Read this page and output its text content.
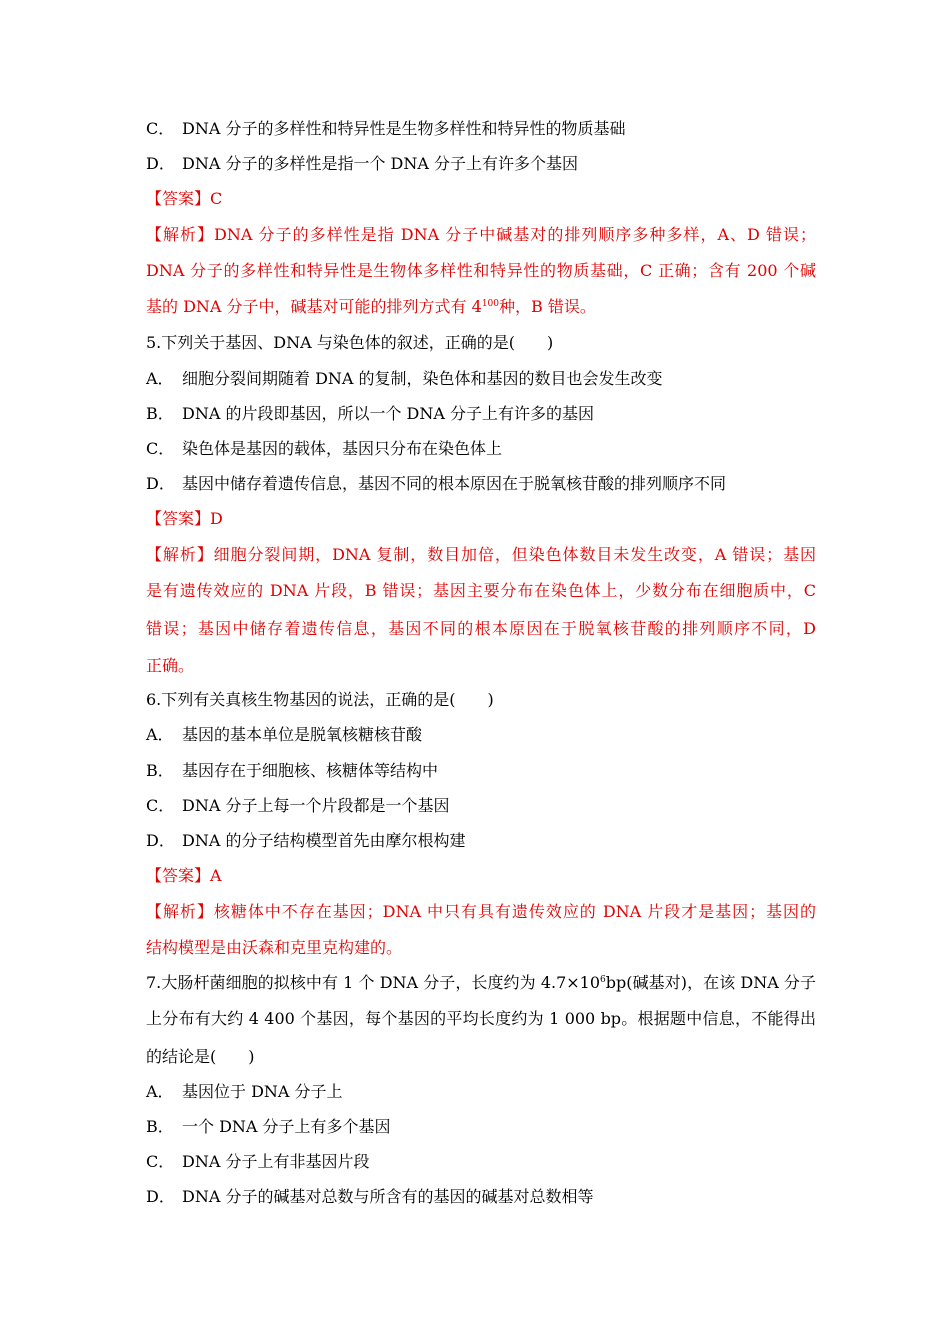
C． DNA 分子的多样性和特异性是生物多样性和特异性的物质基础
D． DNA 分子的多样性是指一个 DNA 分子上有许多个基因
【答案】C
【解析】DNA 分子的多样性是指 DNA 分子中碱基对的排列顺序多种多样，A、D 错误；
DNA 分子的多样性和特异性是生物体多样性和特异性的物质基础，C 正确；含有 200 个碱
基的 DNA 分子中，碱基对可能的排列方式有 $4^{100}$种，B 错误。
5.下列关于基因、DNA 与染色体的叙述，正确的是(　　)
A． 细胞分裂间期随着 DNA 的复制，染色体和基因的数目也会发生改变
B． DNA 的片段即基因，所以一个 DNA 分子上有许多的基因
C． 染色体是基因的载体，基因只分布在染色体上
D． 基因中储存着遗传信息，基因不同的根本原因在于脱氧核苷酸的排列顺序不同
【答案】D
【解析】细胞分裂间期，DNA 复制，数目加倍，但染色体数目未发生改变，A 错误；基因
是有遗传效应的 DNA 片段，B 错误；基因主要分布在染色体上，少数分布在细胞质中，C
错误；基因中储存着遗传信息，基因不同的根本原因在于脱氧核苷酸的排列顺序不同，D
正确。
6.下列有关真核生物基因的说法，正确的是(　　)
A． 基因的基本单位是脱氧核糖核苷酸
B． 基因存在于细胞核、核糖体等结构中
C． DNA 分子上每一个片段都是一个基因
D． DNA 的分子结构模型首先由摩尔根构建
【答案】A
【解析】核糖体中不存在基因；DNA 中只有具有遗传效应的 DNA 片段才是基因；基因的
结构模型是由沃森和克里克构建的。
7.大肠杆菌细胞的拟核中有 1 个 DNA 分子，长度约为 $4.7\times 10^6bp$(碱基对)，在该 DNA 分子
上分布有大约 4 400 个基因，每个基因的平均长度约为 1 000 bp。根据题中信息，不能得出
的结论是(　　)
A． 基因位于 DNA 分子上
B． 一个 DNA 分子上有多个基因
C． DNA 分子上有非基因片段
D． DNA 分子的碱基对总数与所含有的基因的碱基对总数相等
